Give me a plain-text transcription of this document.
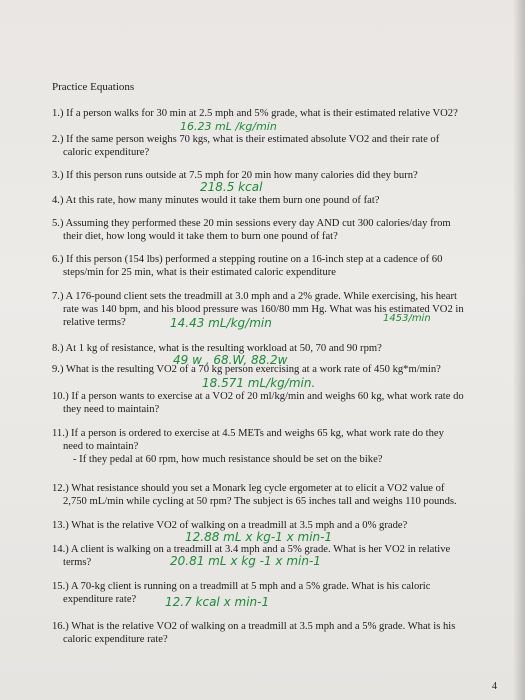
Practice Equations
1.) If a person walks for 30 min at 2.5 mph and 5% grade, what is their estimated relative VO2?
16.23 mL /kg/min
2.) If the same person weighs 70 kgs, what is their estimated absolute VO2 and their rate of
caloric expenditure?
3.) If this person runs outside at 7.5 mph for 20 min how many calories did they burn?
218.5 kcal
4.) At this rate, how many minutes would it take them burn one pound of fat?
5.) Assuming they performed these 20 min sessions every day AND cut 300 calories/day from
their diet, how long would it take them to burn one pound of fat?
6.) If this person (154 lbs) performed a stepping routine on a 16-inch step at a cadence of 60
steps/min for 25 min, what is their estimated caloric expenditure
7.) A 176-pound client sets the treadmill at 3.0 mph and a 2% grade. While exercising, his heart
rate was 140 bpm, and his blood pressure was 160/80 mm Hg. What was his estimated VO2 in
relative terms?	14.43 mL/kg/min	1453/min
8.) At 1 kg of resistance, what is the resulting workload at 50, 70 and 90 rpm?
49 w , 68.W, 88.2w
9.) What is the resulting VO2 of a 70 kg person exercising at a work rate of 450 kg*m/min?
18.571 mL/kg/min.
10.) If a person wants to exercise at a VO2 of 20 ml/kg/min and weighs 60 kg, what work rate do
they need to maintain?
11.) If a person is ordered to exercise at 4.5 METs and weighs 65 kg, what work rate do they
need to maintain?
- If they pedal at 60 rpm, how much resistance should be set on the bike?
12.) What resistance should you set a Monark leg cycle ergometer at to elicit a VO2 value of
2,750 mL/min while cycling at 50 rpm? The subject is 65 inches tall and weighs 110 pounds.
13.) What is the relative VO2 of walking on a treadmill at 3.5 mph and a 0% grade?
12.88 mL x kg-1 x min-1
14.) A client is walking on a treadmill at 3.4 mph and a 5% grade. What is her VO2 in relative
terms?	20.81 mL x kg -1 x min-1
15.) A 70-kg client is running on a treadmill at 5 mph and a 5% grade. What is his caloric
expenditure rate? 12.7 kcal x min-1
16.) What is the relative VO2 of walking on a treadmill at 3.5 mph and a 5% grade. What is his
caloric expenditure rate?
4
